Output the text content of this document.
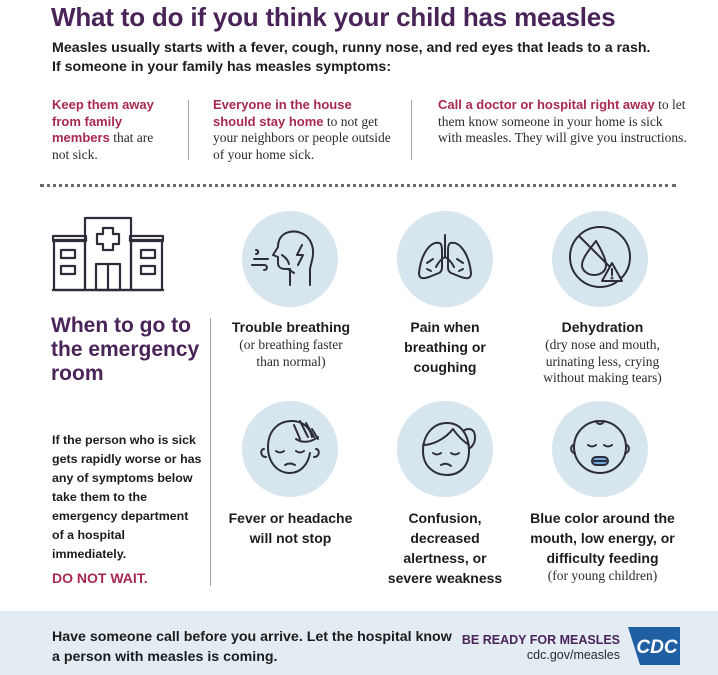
What to do if you think your child has measles
Measles usually starts with a fever, cough, runny nose, and red eyes that leads to a rash.
If someone in your family has measles symptoms:
Keep them away from family members that are not sick.
Everyone in the house should stay home to not get your neighbors or people outside of your home sick.
Call a doctor or hospital right away to let them know someone in your home is sick with measles. They will give you instructions.
When to go to the emergency room
If the person who is sick gets rapidly worse or has any of symptoms below take them to the emergency department of a hospital immediately.
DO NOT WAIT.
Trouble breathing
(or breathing faster than normal)
Pain when breathing or coughing
Dehydration
(dry nose and mouth, urinating less, crying without making tears)
Fever or headache will not stop
Confusion, decreased alertness, or severe weakness
Blue color around the mouth, low energy, or difficulty feeding
(for young children)
Have someone call before you arrive. Let the hospital know a person with measles is coming.
BE READY FOR MEASLES
cdc.gov/measles CDC
